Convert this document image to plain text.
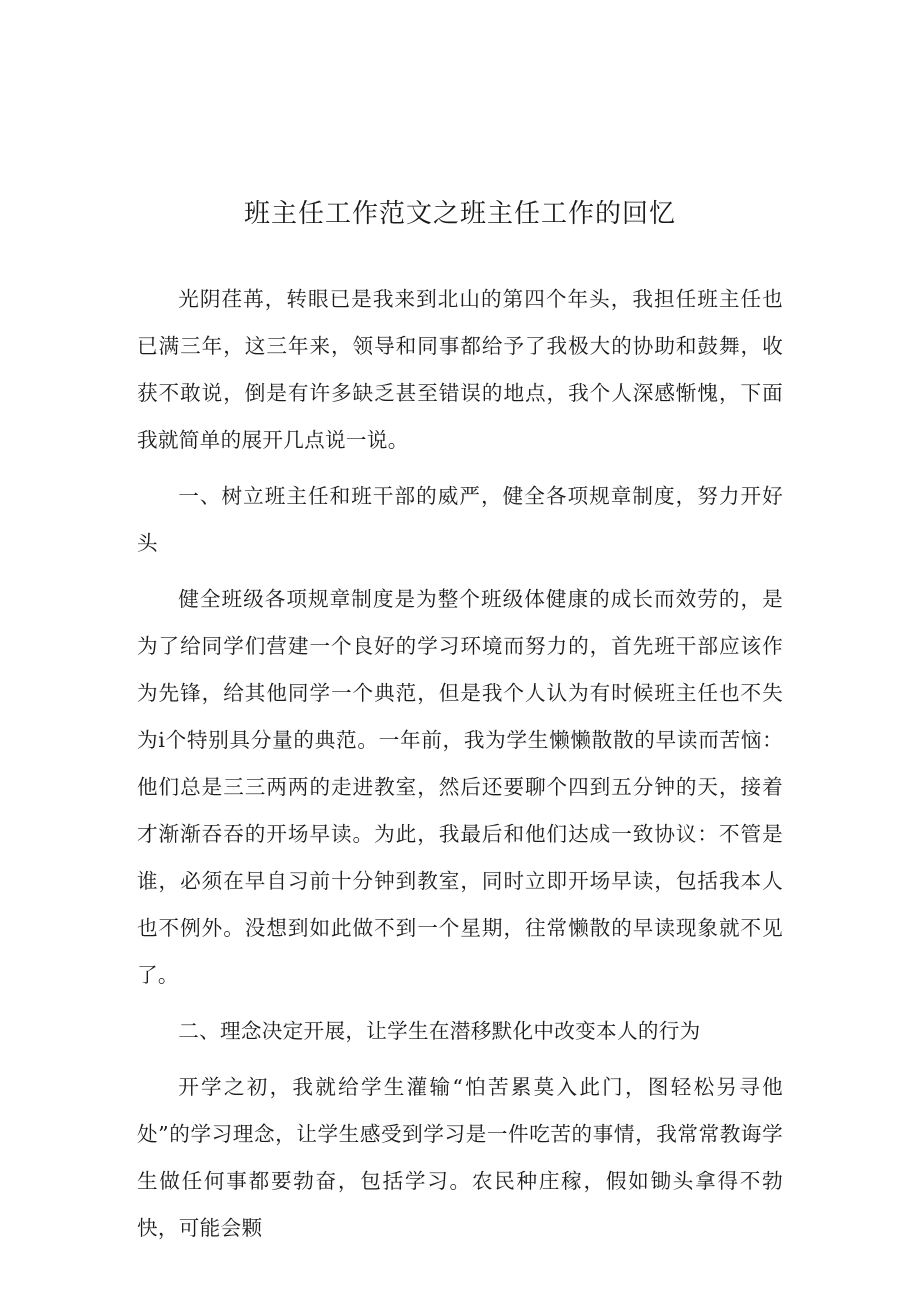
班主任工作范文之班主任工作的回忆

光阴荏苒，转眼已是我来到北山的第四个年头，我担任班主任也已满三年，这三年来，领导和同事都给予了我极大的协助和鼓舞，收获不敢说，倒是有许多缺乏甚至错误的地点，我个人深感惭愧，下面我就简单的展开几点说一说。

一、树立班主任和班干部的威严，健全各项规章制度，努力开好头

健全班级各项规章制度是为整个班级体健康的成长而效劳的，是为了给同学们营建一个良好的学习环境而努力的，首先班干部应该作为先锋，给其他同学一个典范，但是我个人认为有时候班主任也不失为i个特别具分量的典范。一年前，我为学生懒懒散散的早读而苦恼：他们总是三三两两的走进教室，然后还要聊个四到五分钟的天，接着才渐渐吞吞的开场早读。为此，我最后和他们达成一致协议：不管是谁，必须在早自习前十分钟到教室，同时立即开场早读，包括我本人也不例外。没想到如此做不到一个星期，往常懒散的早读现象就不见了。

二、理念决定开展，让学生在潜移默化中改变本人的行为

开学之初，我就给学生灌输“怕苦累莫入此门，图轻松另寻他处”的学习理念，让学生感受到学习是一件吃苦的事情，我常常教诲学生做任何事都要勃奋，包括学习。农民种庄稼，假如锄头拿得不勃快，可能会颗
